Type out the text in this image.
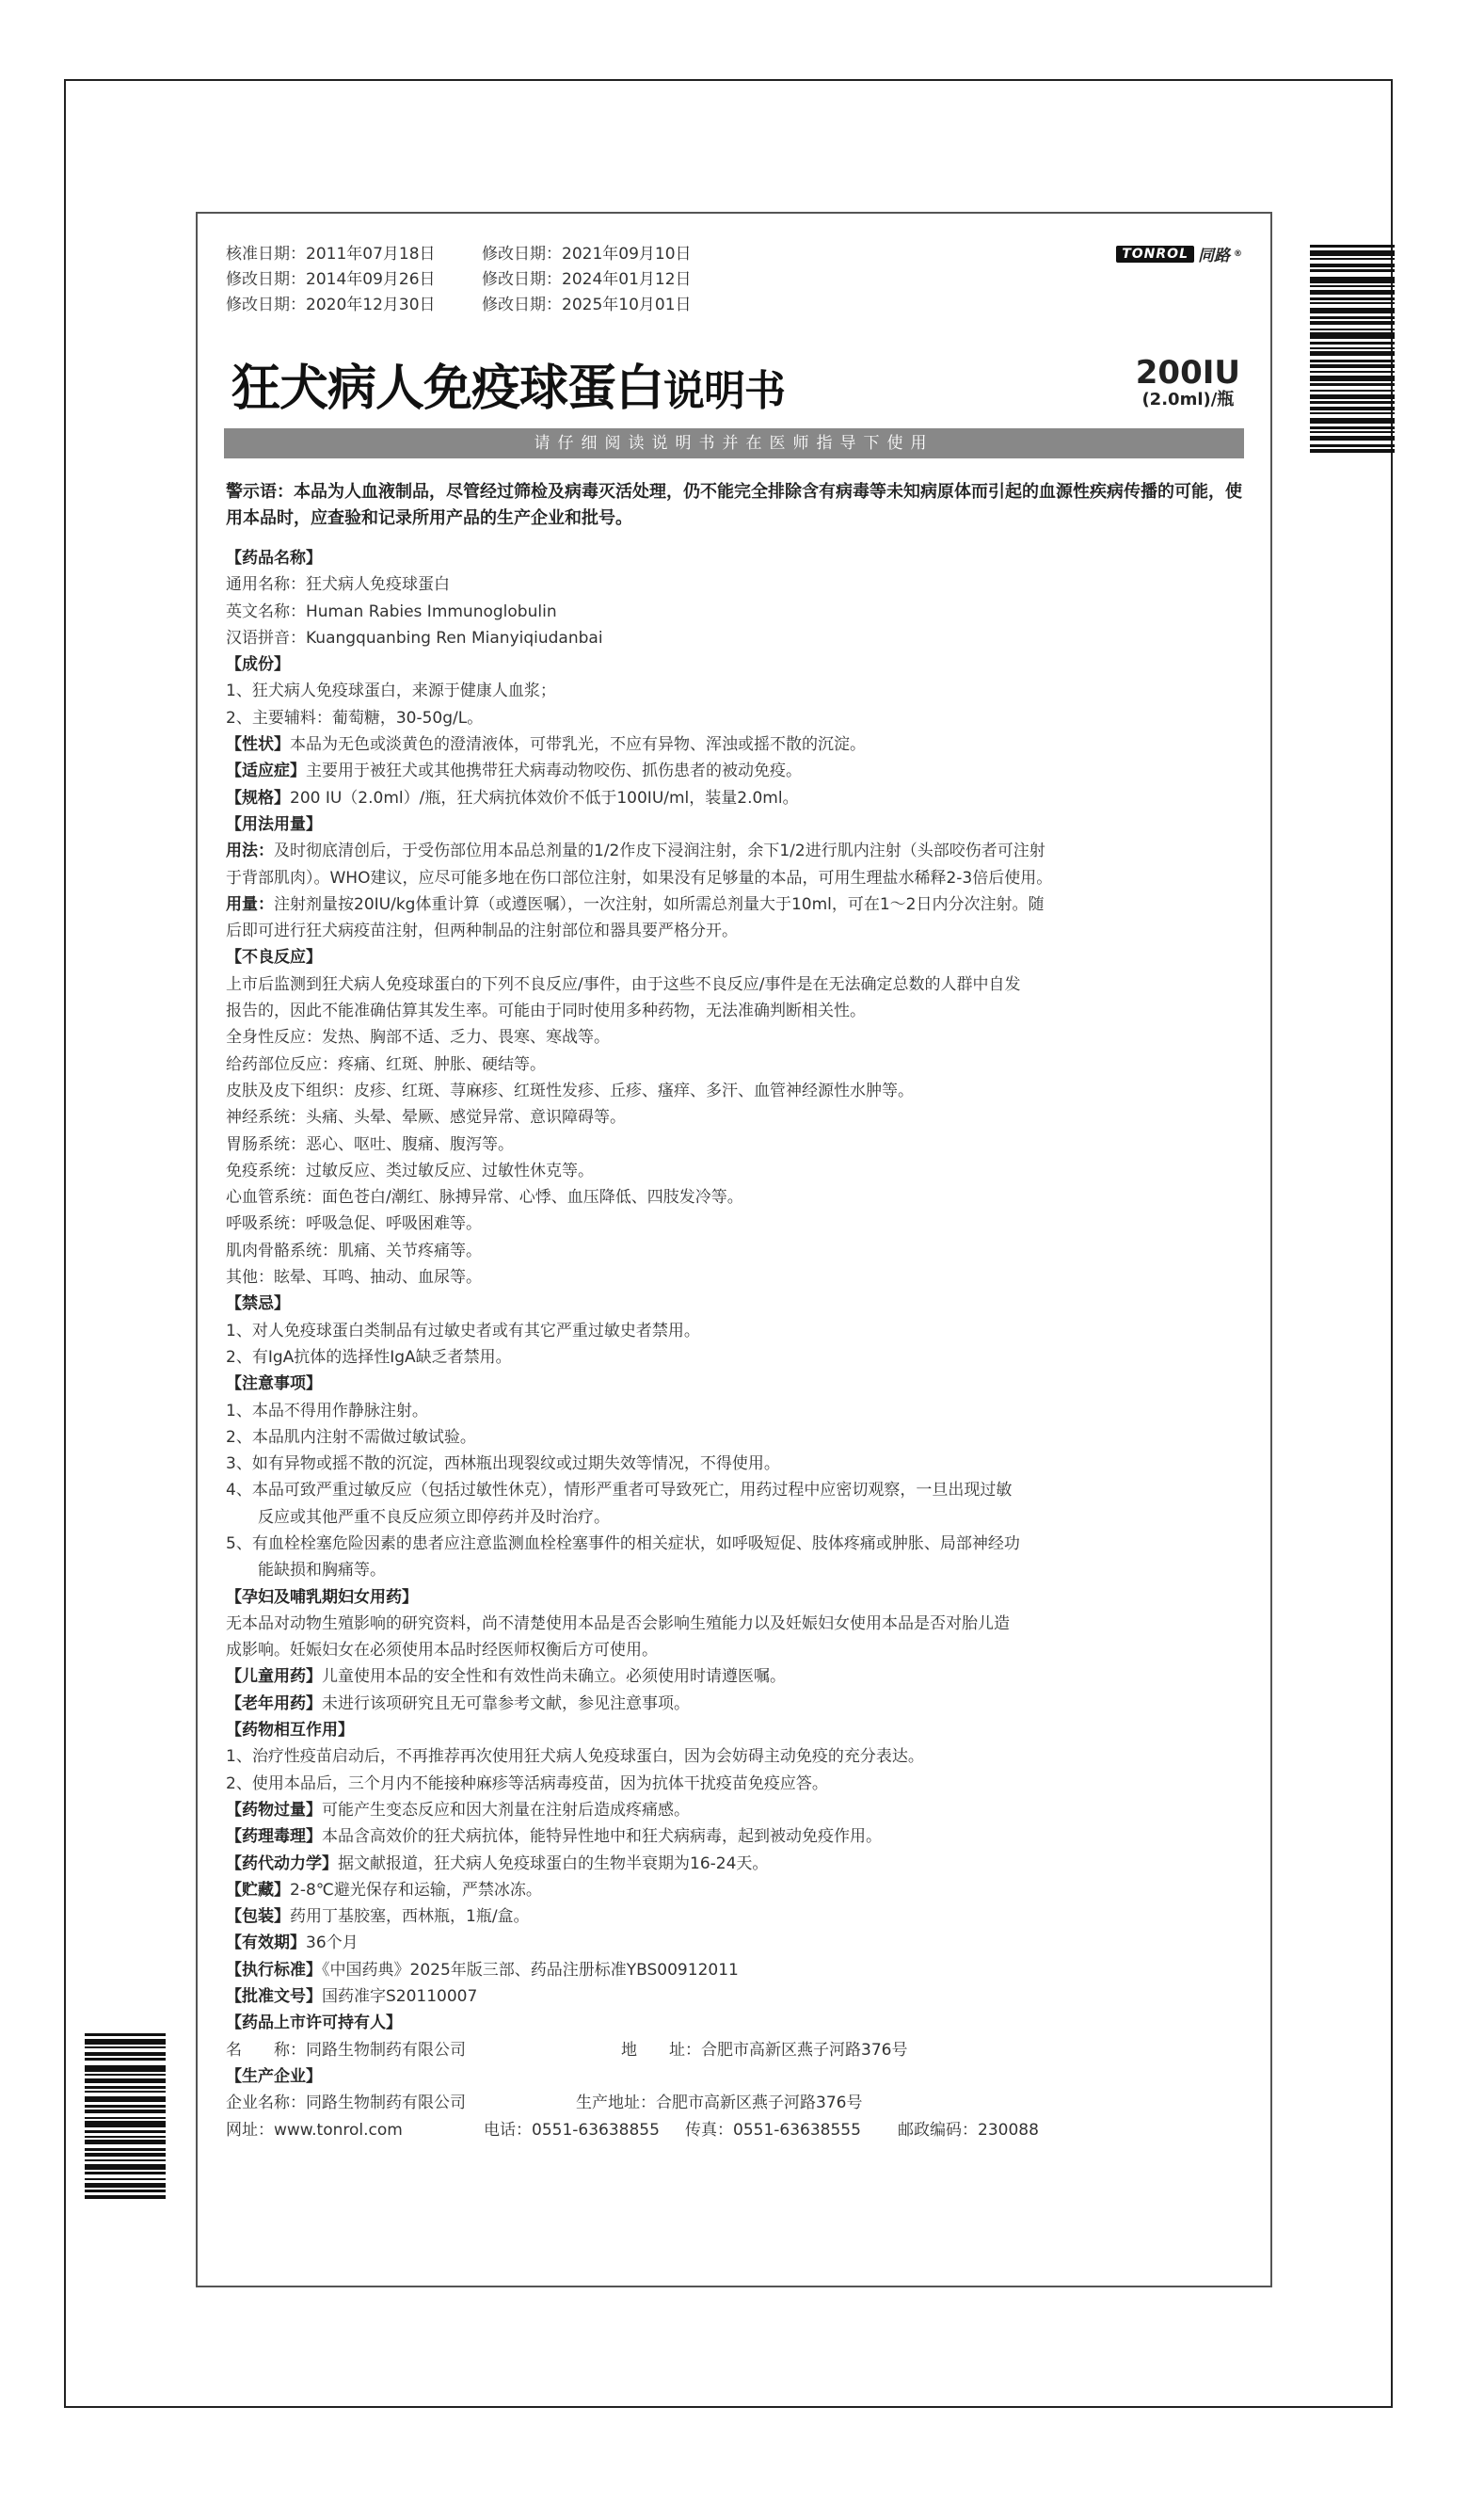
核准日期：2011年07月18日	修改日期：2021年09月10日
修改日期：2014年09月26日	修改日期：2024年01月12日
修改日期：2020年12月30日	修改日期：2025年10月01日
TONROL 同路 ®
狂犬病人免疫球蛋白说明书	200IU
(2.0ml)/瓶
请仔细阅读说明书并在医师指导下使用

警示语：本品为人血液制品，尽管经过筛检及病毒灭活处理，仍不能完全排除含有病毒等未知病原体而引起的血源性疾病传播的可能，使用本品时，应查验和记录所用产品的生产企业和批号。

【药品名称】

通用名称：狂犬病人免疫球蛋白

英文名称：Human Rabies Immunoglobulin

汉语拼音：Kuangquanbing Ren Mianyiqiudanbai

【成份】

1、狂犬病人免疫球蛋白，来源于健康人血浆；

2、主要辅料：葡萄糖，30-50g/L。

【性状】本品为无色或淡黄色的澄清液体，可带乳光，不应有异物、浑浊或摇不散的沉淀。

【适应症】主要用于被狂犬或其他携带狂犬病毒动物咬伤、抓伤患者的被动免疫。

【规格】200 IU（2.0ml）/瓶，狂犬病抗体效价不低于100IU/ml，装量2.0ml。

【用法用量】

用法：及时彻底清创后，于受伤部位用本品总剂量的1/2作皮下浸润注射，余下1/2进行肌内注射（头部咬伤者可注射

于背部肌肉）。WHO建议，应尽可能多地在伤口部位注射，如果没有足够量的本品，可用生理盐水稀释2-3倍后使用。

用量：注射剂量按20IU/kg体重计算（或遵医嘱），一次注射，如所需总剂量大于10ml，可在1～2日内分次注射。随

后即可进行狂犬病疫苗注射，但两种制品的注射部位和器具要严格分开。

【不良反应】

上市后监测到狂犬病人免疫球蛋白的下列不良反应/事件，由于这些不良反应/事件是在无法确定总数的人群中自发

报告的，因此不能准确估算其发生率。可能由于同时使用多种药物，无法准确判断相关性。

全身性反应：发热、胸部不适、乏力、畏寒、寒战等。

给药部位反应：疼痛、红斑、肿胀、硬结等。

皮肤及皮下组织：皮疹、红斑、荨麻疹、红斑性发疹、丘疹、瘙痒、多汗、血管神经源性水肿等。

神经系统：头痛、头晕、晕厥、感觉异常、意识障碍等。

胃肠系统：恶心、呕吐、腹痛、腹泻等。

免疫系统：过敏反应、类过敏反应、过敏性休克等。

心血管系统：面色苍白/潮红、脉搏异常、心悸、血压降低、四肢发冷等。

呼吸系统：呼吸急促、呼吸困难等。

肌肉骨骼系统：肌痛、关节疼痛等。

其他：眩晕、耳鸣、抽动、血尿等。

【禁忌】

1、对人免疫球蛋白类制品有过敏史者或有其它严重过敏史者禁用。

2、有IgA抗体的选择性IgA缺乏者禁用。

【注意事项】

1、本品不得用作静脉注射。

2、本品肌内注射不需做过敏试验。

3、如有异物或摇不散的沉淀，西林瓶出现裂纹或过期失效等情况，不得使用。

4、本品可致严重过敏反应（包括过敏性休克），情形严重者可导致死亡，用药过程中应密切观察，一旦出现过敏

反应或其他严重不良反应须立即停药并及时治疗。

5、有血栓栓塞危险因素的患者应注意监测血栓栓塞事件的相关症状，如呼吸短促、肢体疼痛或肿胀、局部神经功

能缺损和胸痛等。

【孕妇及哺乳期妇女用药】

无本品对动物生殖影响的研究资料，尚不清楚使用本品是否会影响生殖能力以及妊娠妇女使用本品是否对胎儿造

成影响。妊娠妇女在必须使用本品时经医师权衡后方可使用。

【儿童用药】儿童使用本品的安全性和有效性尚未确立。必须使用时请遵医嘱。

【老年用药】未进行该项研究且无可靠参考文献，参见注意事项。

【药物相互作用】

1、治疗性疫苗启动后，不再推荐再次使用狂犬病人免疫球蛋白，因为会妨碍主动免疫的充分表达。

2、使用本品后，三个月内不能接种麻疹等活病毒疫苗，因为抗体干扰疫苗免疫应答。

【药物过量】可能产生变态反应和因大剂量在注射后造成疼痛感。

【药理毒理】本品含高效价的狂犬病抗体，能特异性地中和狂犬病病毒，起到被动免疫作用。

【药代动力学】据文献报道，狂犬病人免疫球蛋白的生物半衰期为16-24天。

【贮藏】2-8℃避光保存和运输，严禁冰冻。

【包装】药用丁基胶塞，西林瓶，1瓶/盒。

【有效期】36个月

【执行标准】《中国药典》2025年版三部、药品注册标准YBS00912011

【批准文号】国药准字S20110007

【药品上市许可持有人】

名　　称：同路生物制药有限公司	地　　址：合肥市高新区燕子河路376号

【生产企业】

企业名称：同路生物制药有限公司	生产地址：合肥市高新区燕子河路376号

网址：www.tonrol.com	电话：0551-63638855	传真：0551-63638555	邮政编码：230088
